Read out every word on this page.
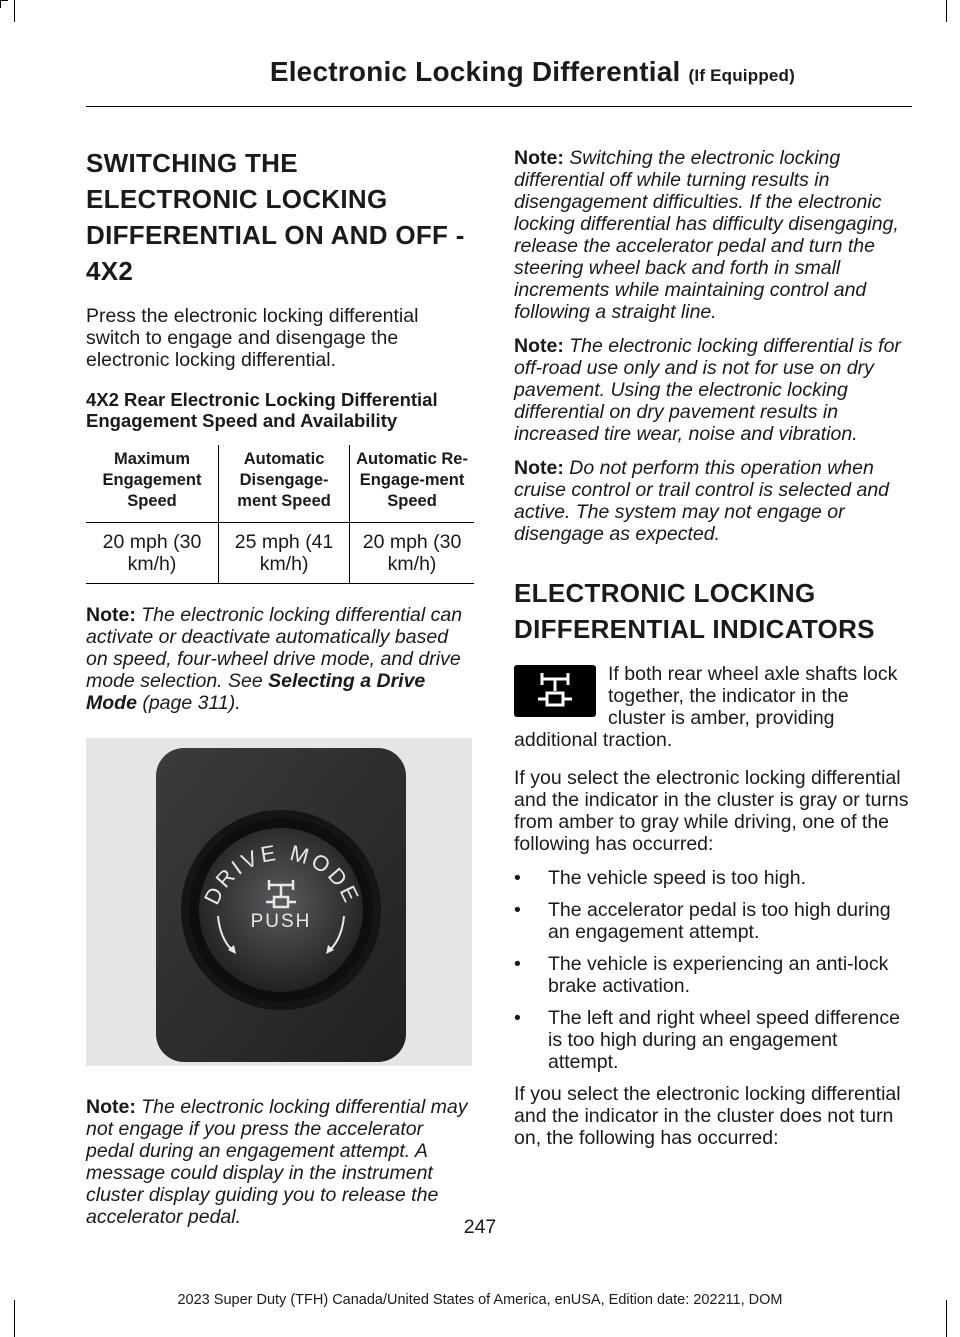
Electronic Locking Differential (If Equipped)
SWITCHING THE ELECTRONIC LOCKING DIFFERENTIAL ON AND OFF - 4X2

Press the electronic locking differential switch to engage and disengage the electronic locking differential.

4X2 Rear Electronic Locking Differential Engagement Speed and Availability
Maximum Engagement Speed	Automatic Disengage-ment Speed	Automatic Re-Engage-ment Speed
20 mph (30 km/h)	25 mph (41 km/h)	20 mph (30 km/h)

Note: The electronic locking differential can activate or deactivate automatically based on speed, four-wheel drive mode, and drive mode selection. See Selecting a Drive Mode (page 311).

DRIVE MODE
PUSH

Note: The electronic locking differential may not engage if you press the accelerator pedal during an engagement attempt. A message could display in the instrument cluster display guiding you to release the accelerator pedal.

Note: Switching the electronic locking differential off while turning results in disengagement difficulties. If the electronic locking differential has difficulty disengaging, release the accelerator pedal and turn the steering wheel back and forth in small increments while maintaining control and following a straight line.

Note: The electronic locking differential is for off-road use only and is not for use on dry pavement. Using the electronic locking differential on dry pavement results in increased tire wear, noise and vibration.

Note: Do not perform this operation when cruise control or trail control is selected and active. The system may not engage or disengage as expected.

ELECTRONIC LOCKING DIFFERENTIAL INDICATORS

If both rear wheel axle shafts lock together, the indicator in the cluster is amber, providing additional traction.

If you select the electronic locking differential and the indicator in the cluster is gray or turns from amber to gray while driving, one of the following has occurred:

• The vehicle speed is too high.
• The accelerator pedal is too high during an engagement attempt.
• The vehicle is experiencing an anti-lock brake activation.
• The left and right wheel speed difference is too high during an engagement attempt.

If you select the electronic locking differential and the indicator in the cluster does not turn on, the following has occurred:

247
2023 Super Duty (TFH) Canada/United States of America, enUSA, Edition date: 202211, DOM
